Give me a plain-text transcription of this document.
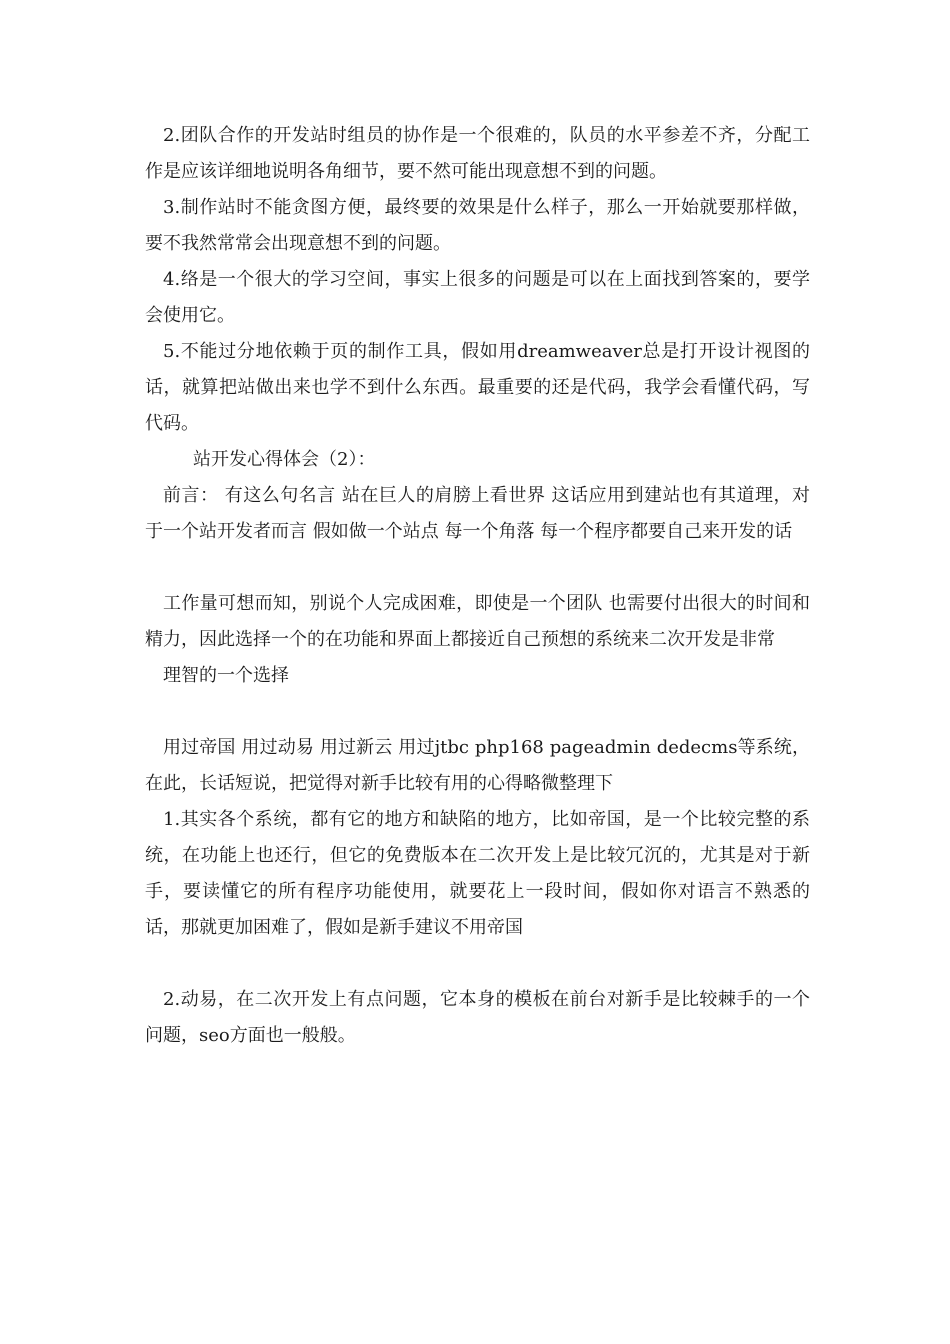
2.团队合作的开发站时组员的协作是一个很难的，队员的水平参差不齐，分配工作是应该详细地说明各角细节，要不然可能出现意想不到的问题。

3.制作站时不能贪图方便，最终要的效果是什么样子，那么一开始就要那样做，要不我然常常会出现意想不到的问题。

4.络是一个很大的学习空间，事实上很多的问题是可以在上面找到答案的，要学会使用它。

5.不能过分地依赖于页的制作工具，假如用dreamweaver总是打开设计视图的话，就算把站做出来也学不到什么东西。最重要的还是代码，我学会看懂代码，写代码。

站开发心得体会（2）：

前言： 有这么句名言 站在巨人的肩膀上看世界 这话应用到建站也有其道理，对于一个站开发者而言 假如做一个站点 每一个角落 每一个程序都要自己来开发的话

工作量可想而知，别说个人完成困难，即使是一个团队 也需要付出很大的时间和精力，因此选择一个的在功能和界面上都接近自己预想的系统来二次开发是非常

理智的一个选择

用过帝国 用过动易 用过新云 用过jtbc php168 pageadmin dedecms等系统，在此，长话短说，把觉得对新手比较有用的心得略微整理下

1.其实各个系统，都有它的地方和缺陷的地方，比如帝国，是一个比较完整的系统，在功能上也还行，但它的免费版本在二次开发上是比较冗沉的，尤其是对于新手，要读懂它的所有程序功能使用，就要花上一段时间，假如你对语言不熟悉的话，那就更加困难了，假如是新手建议不用帝国

2.动易，在二次开发上有点问题，它本身的模板在前台对新手是比较棘手的一个问题，seo方面也一般般。
